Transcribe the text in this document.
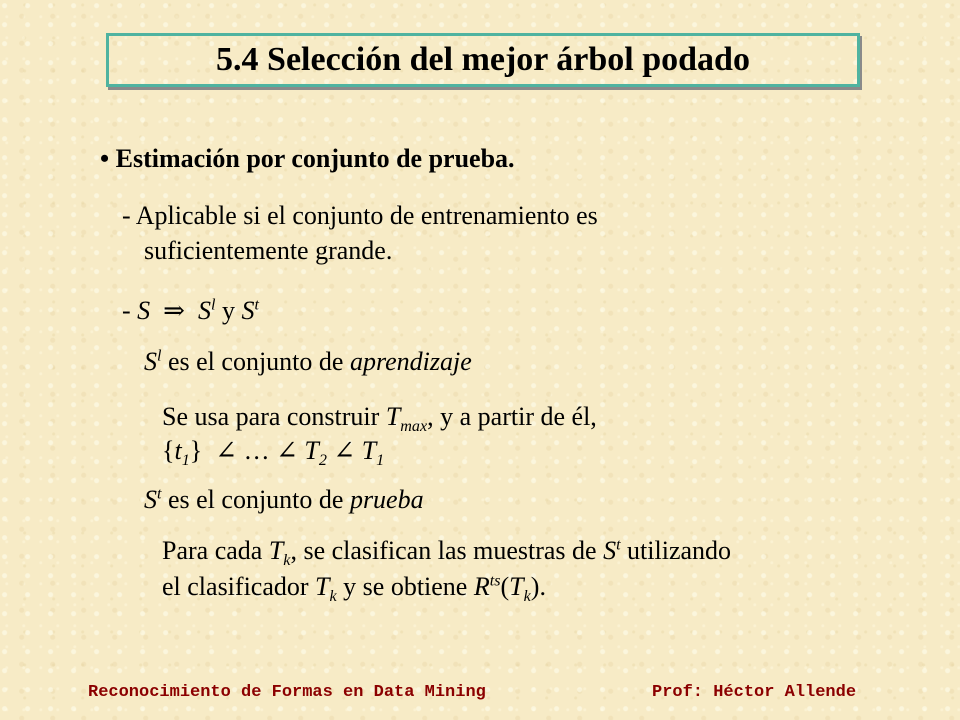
5.4 Selección del mejor árbol podado
• Estimación por conjunto de prueba.
- Aplicable si el conjunto de entrenamiento es
suficientemente grande.
- S ⇒ $S^l$ y $S^t$
$S^l$ es el conjunto de aprendizaje
Se usa para construir $T_{max}$, y a partir de él,
$\{t_1\}$ ∠ … ∠ $T_2$ ∠ $T_1$
$S^t$ es el conjunto de prueba
Para cada $T_k$, se clasifican las muestras de $S^t$ utilizando
el clasificador $T_k$ y se obtiene $R^{ts}(T_k)$.
Reconocimiento de Formas en Data Mining	Prof: Héctor Allende
